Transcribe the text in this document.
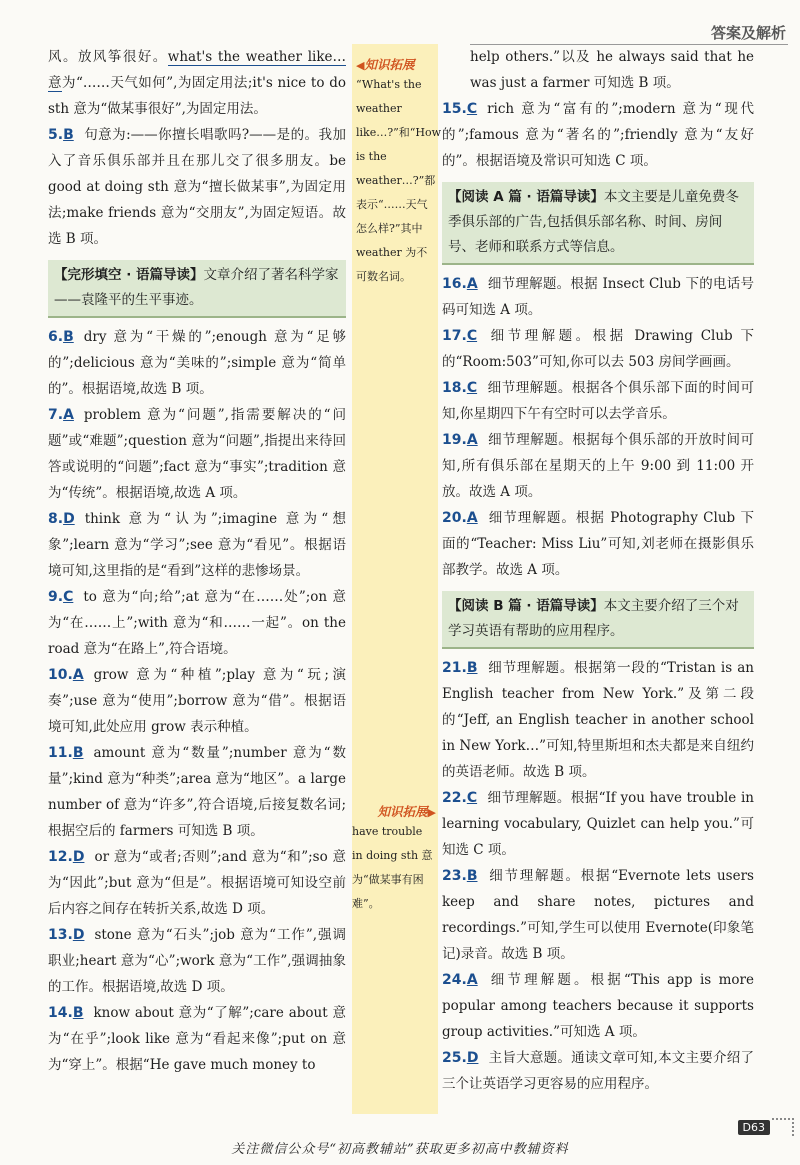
答案及解析

风。放风筝很好。what's the weather like… 意为“……天气如何”,为固定用法;it's nice to do sth 意为“做某事很好”,为固定用法。

5.B 句意为:——你擅长唱歌吗?——是的。我加入了音乐俱乐部并且在那儿交了很多朋友。be good at doing sth 意为“擅长做某事”,为固定用法;make friends 意为“交朋友”,为固定短语。故选 B 项。

【完形填空 · 语篇导读】文章介绍了著名科学家——袁隆平的生平事迹。

6.B dry 意为“干燥的”;enough 意为“足够的”;delicious 意为“美味的”;simple 意为“简单的”。根据语境,故选 B 项。

7.A problem 意为“问题”,指需要解决的“问题”或“难题”;question 意为“问题”,指提出来待回答或说明的“问题”;fact 意为“事实”;tradition 意为“传统”。根据语境,故选 A 项。

8.D think 意为“认为”;imagine 意为“想象”;learn 意为“学习”;see 意为“看见”。根据语境可知,这里指的是“看到”这样的悲惨场景。

9.C to 意为“向;给”;at 意为“在……处”;on 意为“在……上”;with 意为“和……一起”。on the road 意为“在路上”,符合语境。

10.A grow 意为“种植”;play 意为“玩;演奏”;use 意为“使用”;borrow 意为“借”。根据语境可知,此处应用 grow 表示种植。

11.B amount 意为“数量”;number 意为“数量”;kind 意为“种类”;area 意为“地区”。a large number of 意为“许多”,符合语境,后接复数名词;根据空后的 farmers 可知选 B 项。

12.D or 意为“或者;否则”;and 意为“和”;so 意为“因此”;but 意为“但是”。根据语境可知设空前后内容之间存在转折关系,故选 D 项。

13.D stone 意为“石头”;job 意为“工作”,强调职业;heart 意为“心”;work 意为“工作”,强调抽象的工作。根据语境,故选 D 项。

14.B know about 意为“了解”;care about 意为“在乎”;look like 意为“看起来像”;put on 意为“穿上”。根据“He gave much money to

◀知识拓展
“What's the weather like…?”和“How is the weather…?”都表示“……天气怎么样?”其中 weather 为不可数名词。
知识拓展▶
have trouble in doing sth 意为“做某事有困难”。

help others.”以及 he always said that he was just a farmer 可知选 B 项。

15.C rich 意为“富有的”;modern 意为“现代的”;famous 意为“著名的”;friendly 意为“友好的”。根据语境及常识可知选 C 项。

【阅读 A 篇 · 语篇导读】本文主要是儿童免费冬季俱乐部的广告,包括俱乐部名称、时间、房间号、老师和联系方式等信息。

16.A 细节理解题。根据 Insect Club 下的电话号码可知选 A 项。

17.C 细节理解题。根据 Drawing Club 下的“Room:503”可知,你可以去 503 房间学画画。

18.C 细节理解题。根据各个俱乐部下面的时间可知,你星期四下午有空时可以去学音乐。

19.A 细节理解题。根据每个俱乐部的开放时间可知,所有俱乐部在星期天的上午 9:00 到 11:00 开放。故选 A 项。

20.A 细节理解题。根据 Photography Club 下面的“Teacher: Miss Liu”可知,刘老师在摄影俱乐部教学。故选 A 项。

【阅读 B 篇 · 语篇导读】本文主要介绍了三个对学习英语有帮助的应用程序。

21.B 细节理解题。根据第一段的“Tristan is an English teacher from New York.”及第二段的“Jeff, an English teacher in another school in New York…”可知,特里斯坦和杰夫都是来自纽约的英语老师。故选 B 项。

22.C 细节理解题。根据“If you have trouble in learning vocabulary, Quizlet can help you.”可知选 C 项。

23.B 细节理解题。根据“Evernote lets users keep and share notes, pictures and recordings.”可知,学生可以使用 Evernote(印象笔记)录音。故选 B 项。

24.A 细节理解题。根据“This app is more popular among teachers because it supports group activities.”可知选 A 项。

25.D 主旨大意题。通读文章可知,本文主要介绍了三个让英语学习更容易的应用程序。

D63
关注微信公众号“初高教辅站”获取更多初高中教辅资料
